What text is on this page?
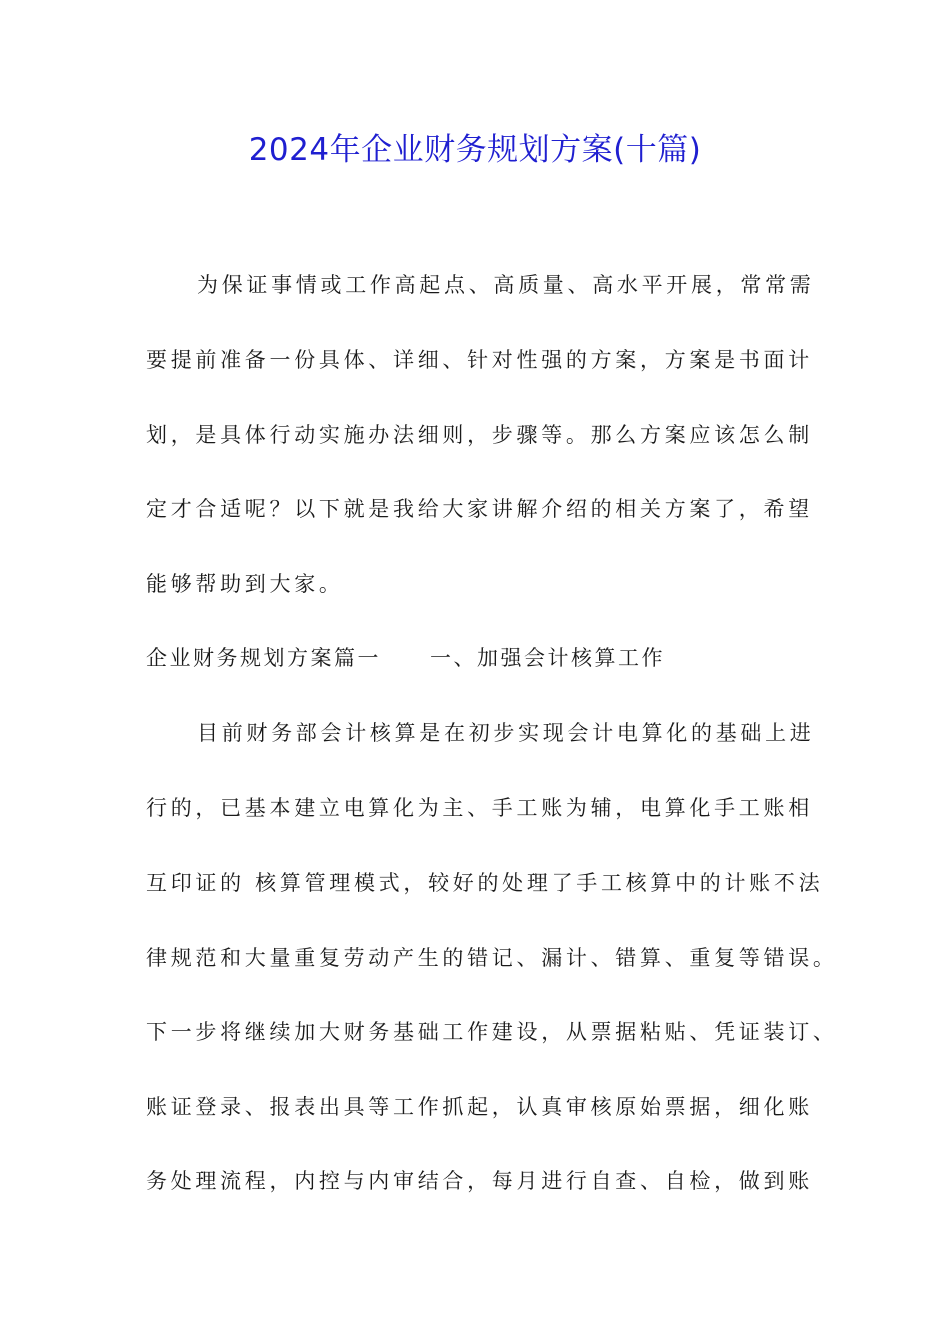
2024年企业财务规划方案(十篇)
为保证事情或工作高起点、高质量、高水平开展，常常需
要提前准备一份具体、详细、针对性强的方案，方案是书面计
划，是具体行动实施办法细则，步骤等。那么方案应该怎么制
定才合适呢？以下就是我给大家讲解介绍的相关方案了，希望
能够帮助到大家。
企业财务规划方案篇一 一、加强会计核算工作
目前财务部会计核算是在初步实现会计电算化的基础上进
行的，已基本建立电算化为主、手工账为辅，电算化手工账相
互印证的 核算管理模式，较好的处理了手工核算中的计账不法
律规范和大量重复劳动产生的错记、漏计、错算、重复等错误。
下一步将继续加大财务基础工作建设，从票据粘贴、凭证装订、
账证登录、报表出具等工作抓起，认真审核原始票据，细化账
务处理流程，内控与内审结合，每月进行自查、自检，做到账
